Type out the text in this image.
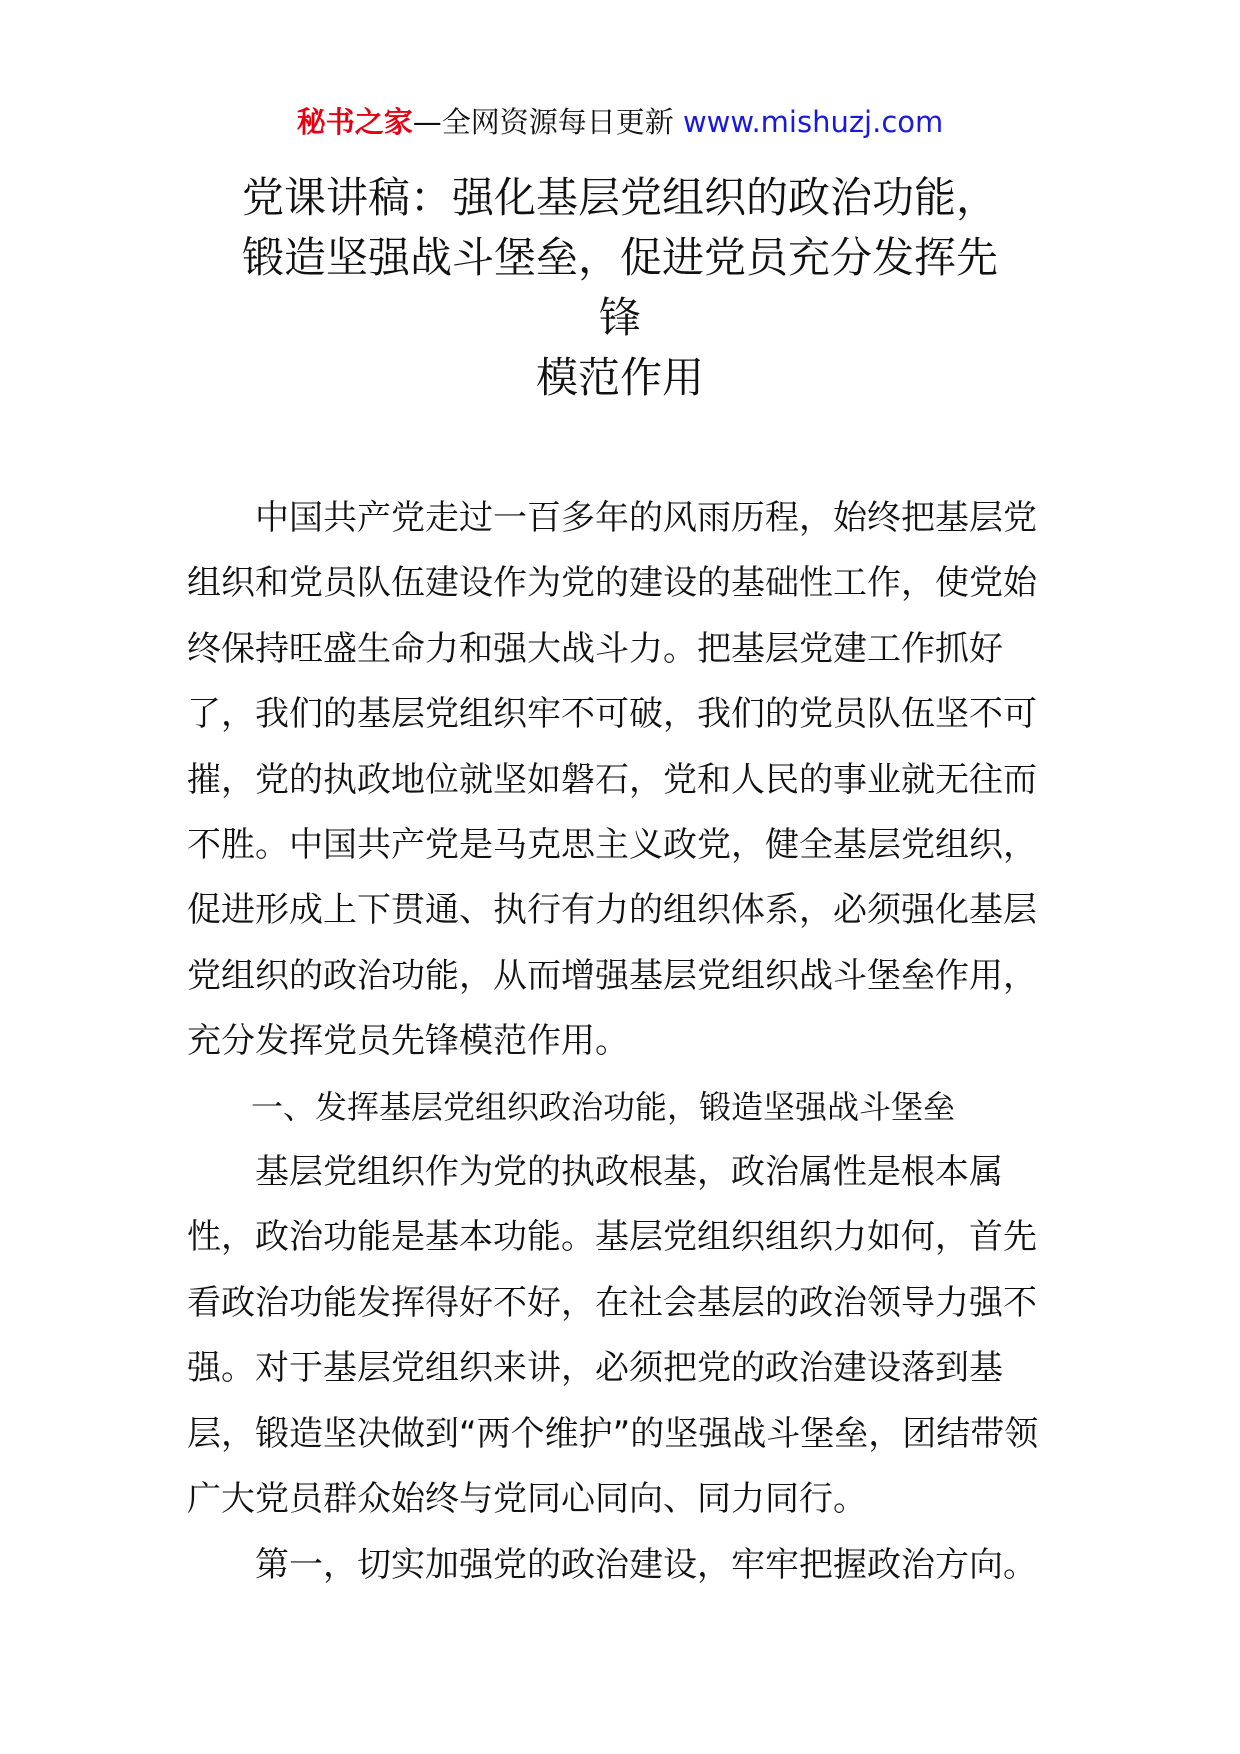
秘书之家—全网资源每日更新 www.mishuzj.com
党课讲稿：强化基层党组织的政治功能，
锻造坚强战斗堡垒，促进党员充分发挥先
锋
模范作用

中国共产党走过一百多年的风雨历程，始终把基层党组织和党员队伍建设作为党的建设的基础性工作，使党始终保持旺盛生命力和强大战斗力。把基层党建工作抓好了，我们的基层党组织牢不可破，我们的党员队伍坚不可摧，党的执政地位就坚如磐石，党和人民的事业就无往而不胜。中国共产党是马克思主义政党，健全基层党组织，促进形成上下贯通、执行有力的组织体系，必须强化基层党组织的政治功能，从而增强基层党组织战斗堡垒作用，充分发挥党员先锋模范作用。

一、发挥基层党组织政治功能，锻造坚强战斗堡垒

基层党组织作为党的执政根基，政治属性是根本属性，政治功能是基本功能。基层党组织组织力如何，首先看政治功能发挥得好不好，在社会基层的政治领导力强不强。对于基层党组织来讲，必须把党的政治建设落到基层，锻造坚决做到“两个维护”的坚强战斗堡垒，团结带领广大党员群众始终与党同心同向、同力同行。

第一，切实加强党的政治建设，牢牢把握政治方向。
